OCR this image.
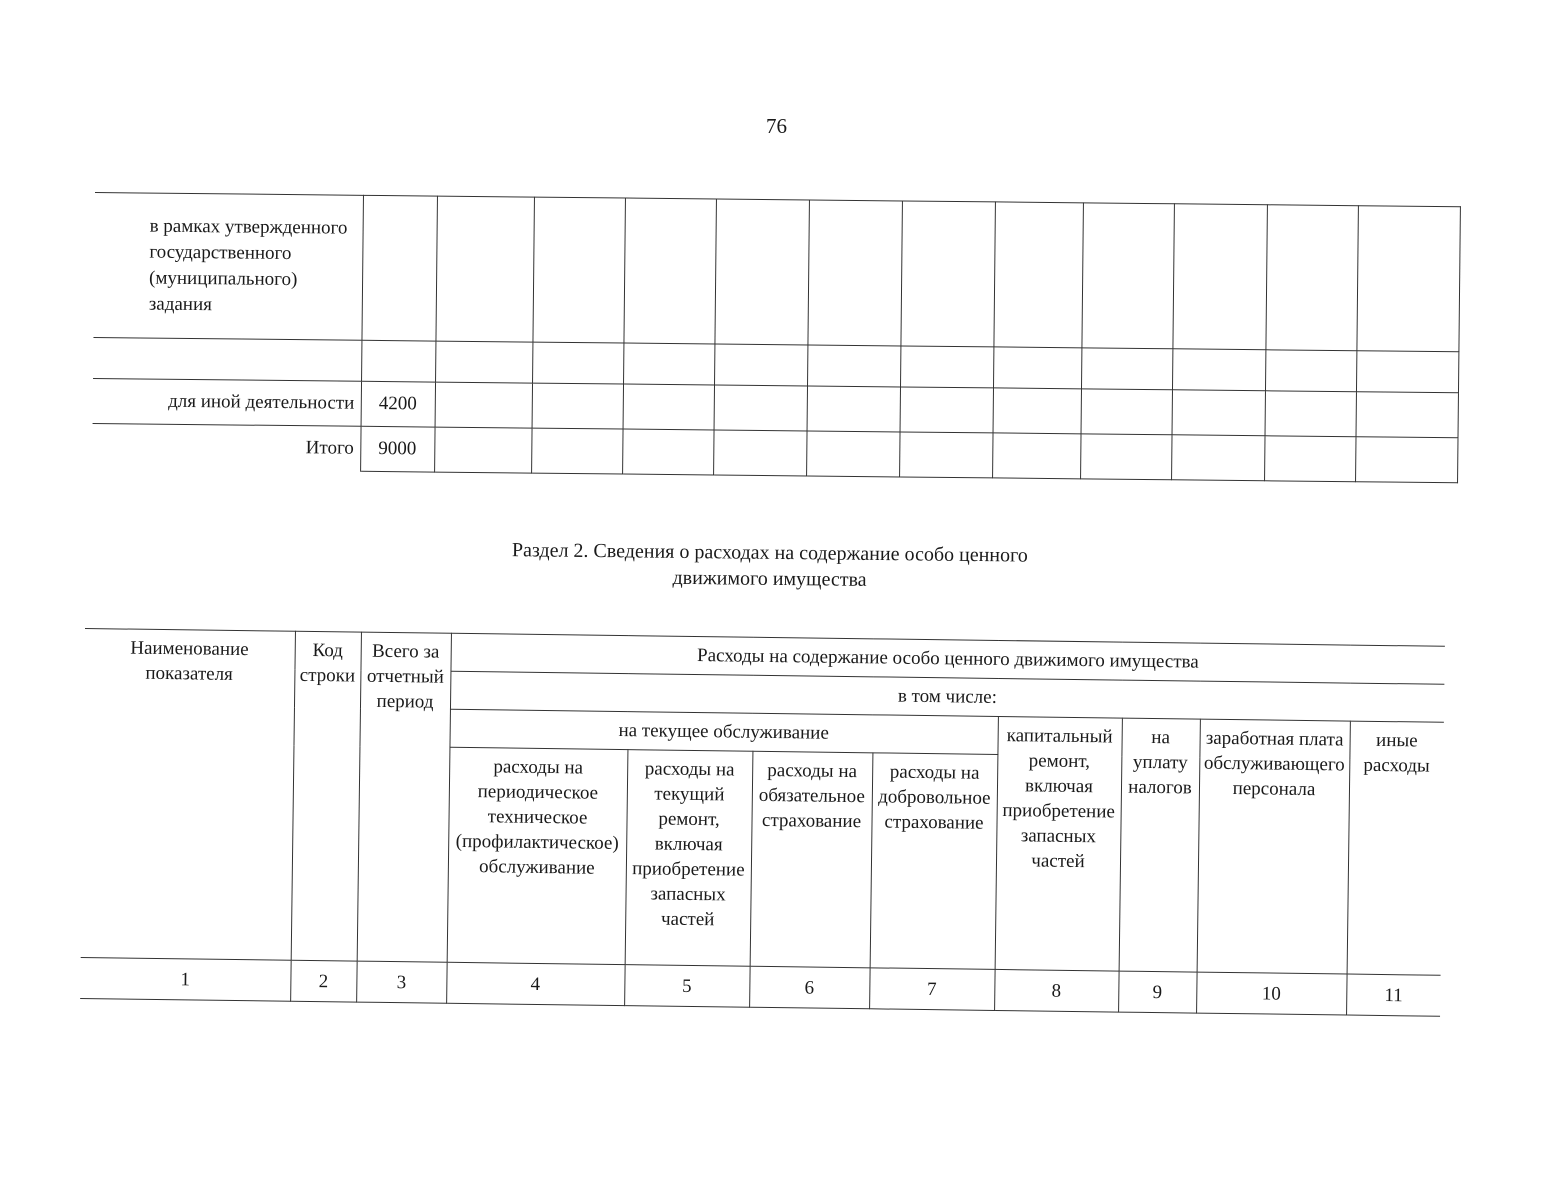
76
в рамках утвержденного государственного (муниципального) задания												

для иной деятельности	4200											
Итого	9000											
Раздел 2. Сведения о расходах на содержание особо ценного
движимого имущества
Наименование показателя	Код строки	Всего за отчетный период	Расходы на содержание особо ценного движимого имущества							
			в том числе:							
			на текущее обслуживание				капитальный ремонт, включая приобретение запасных частей	на уплату налогов	заработная плата обслуживающего персонала	иные расходы
			расходы на периодическое техническое (профилактическое) обслуживание	расходы на текущий ремонт, включая приобретение запасных частей	расходы на обязательное страхование	расходы на добровольное страхование				
1	2	3	4	5	6	7	8	9	10	11
